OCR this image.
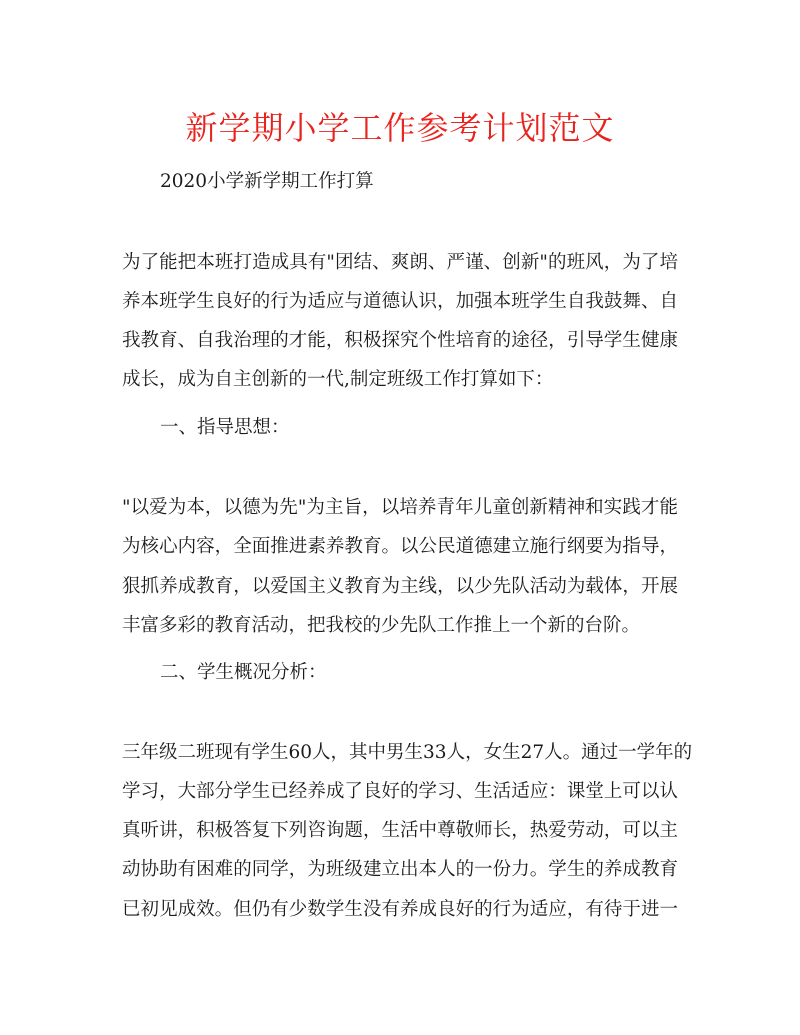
新学期小学工作参考计划范文
2020小学新学期工作打算
为了能把本班打造成具有"团结、爽朗、严谨、创新"的班风，为了培
养本班学生良好的行为适应与道德认识，加强本班学生自我鼓舞、自
我教育、自我治理的才能，积极探究个性培育的途径，引导学生健康
成长，成为自主创新的一代,制定班级工作打算如下：
一、指导思想：
"以爱为本，以德为先"为主旨，以培养青年儿童创新精神和实践才能
为核心内容，全面推进素养教育。以公民道德建立施行纲要为指导，
狠抓养成教育，以爱国主义教育为主线，以少先队活动为载体，开展
丰富多彩的教育活动，把我校的少先队工作推上一个新的台阶。
二、学生概况分析：
三年级二班现有学生60人，其中男生33人，女生27人。通过一学年的
学习，大部分学生已经养成了良好的学习、生活适应：课堂上可以认
真听讲，积极答复下列咨询题，生活中尊敬师长，热爱劳动，可以主
动协助有困难的同学，为班级建立出本人的一份力。学生的养成教育
已初见成效。但仍有少数学生没有养成良好的行为适应，有待于进一
